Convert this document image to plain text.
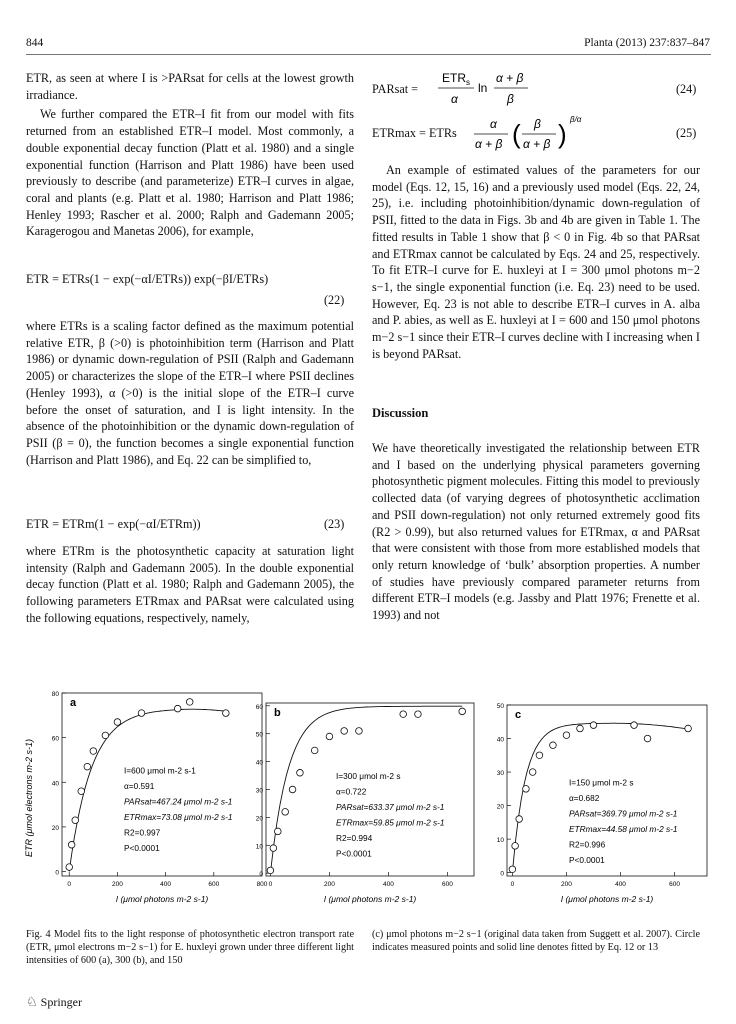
844	Planta (2013) 237:837–847

ETR, as seen at where I is >PARsat for cells at the lowest growth irradiance.

We further compared the ETR–I fit from our model with fits returned from an established ETR–I model. Most commonly, a double exponential decay function (Platt et al. 1980) and a single exponential function (Harrison and Platt 1986) have been used previously to describe (and parameterize) ETR–I curves in algae, coral and plants (e.g. Platt et al. 1980; Harrison and Platt 1986; Henley 1993; Rascher et al. 2000; Ralph and Gademann 2005; Karagerogou and Manetas 2006), for example,

ETR = ETRs(1 − exp(−αI/ETRs)) exp(−βI/ETRs)
(22)
where ETRs is a scaling factor defined as the maximum potential relative ETR, β (>0) is photoinhibition term (Harrison and Platt 1986) or dynamic down-regulation of PSII (Ralph and Gademann 2005) or characterizes the slope of the ETR–I where PSII declines (Henley 1993), α (>0) is the initial slope of the ETR–I curve before the onset of saturation, and I is light intensity. In the absence of the photoinhibition or the dynamic down-regulation of PSII (β = 0), the function becomes a single exponential function (Harrison and Platt 1986), and Eq. 22 can be simplified to,
ETR = ETRm(1 − exp(−αI/ETRm))	(23)
where ETRm is the photosynthetic capacity at saturation light intensity (Ralph and Gademann 2005). In the double exponential decay function (Platt et al. 1980; Ralph and Gademann 2005), the following parameters ETRmax and PARsat were calculated using the following equations, respectively, namely,
PARsat =
ETR s
α
ln
α + β
β
(24)
ETRmax = ETRs
α
α + β ( β
α + β ) β/α
(25)

An example of estimated values of the parameters for our model (Eqs. 12, 15, 16) and a previously used model (Eqs. 22, 24, 25), i.e. including photoinhibition/dynamic down-regulation of PSII, fitted to the data in Figs. 3b and 4b are given in Table 1. The fitted results in Table 1 show that β < 0 in Fig. 4b so that PARsat and ETRmax cannot be calculated by Eqs. 24 and 25, respectively. To fit ETR–I curve for E. huxleyi at I = 300 μmol photons m−2 s−1, the single exponential function (i.e. Eq. 23) need to be used. However, Eq. 23 is not able to describe ETR–I curves in A. alba and P. abies, as well as E. huxleyi at I = 600 and 150 μmol photons m−2 s−1 since their ETR–I curves decline with I increasing when I is beyond PARsat.

Discussion
We have theoretically investigated the relationship between ETR and I based on the underlying physical parameters governing photosynthetic pigment molecules. Fitting this model to previously collected data (of varying degrees of photosynthetic acclimation and PSII down-regulation) not only returned extremely good fits (R2 > 0.99), but also returned values for ETRmax, α and PARsat that were consistent with those from more established models that only return knowledge of ‘bulk’ absorption properties. A number of studies have previously compared parameter returns from different ETR–I models (e.g. Jassby and Platt 1976; Frenette et al. 1993) and not
ETR (μmol electrons m-2 s-1)
0
20
40
60
80
0	200	400	600	800
a
I=600 μmol m-2 s-1
α=0.591
PARsat=467.24 μmol m-2 s-1
ETRmax=73.08 μmol m-2 s-1
R2=0.997
P<0.0001
I (μmol photons m-2 s-1)
0
10
20
30
40
50
60
0	200	400	600
b
I=300 μmol m-2 s
α=0.722
PARsat=633.37 μmol m-2 s-1
ETRmax=59.85 μmol m-2 s-1
R2=0.994
P<0.0001
I (μmol photons m-2 s-1)
0
10
20
30
40
50
0	200	400	600
c
I=150 μmol m-2 s
α=0.682
PARsat=369.79 μmol m-2 s-1
ETRmax=44.58 μmol m-2 s-1
R2=0.996
P<0.0001
I (μmol photons m-2 s-1)
Fig. 4 Model fits to the light response of photosynthetic electron transport rate (ETR, μmol electrons m−2 s−1) for E. huxleyi grown under three different light intensities of 600 (a), 300 (b), and 150
(c) μmol photons m−2 s−1 (original data taken from Suggett et al. 2007). Circle indicates measured points and solid line denotes fitted by Eq. 12 or 13
♘ Springer
